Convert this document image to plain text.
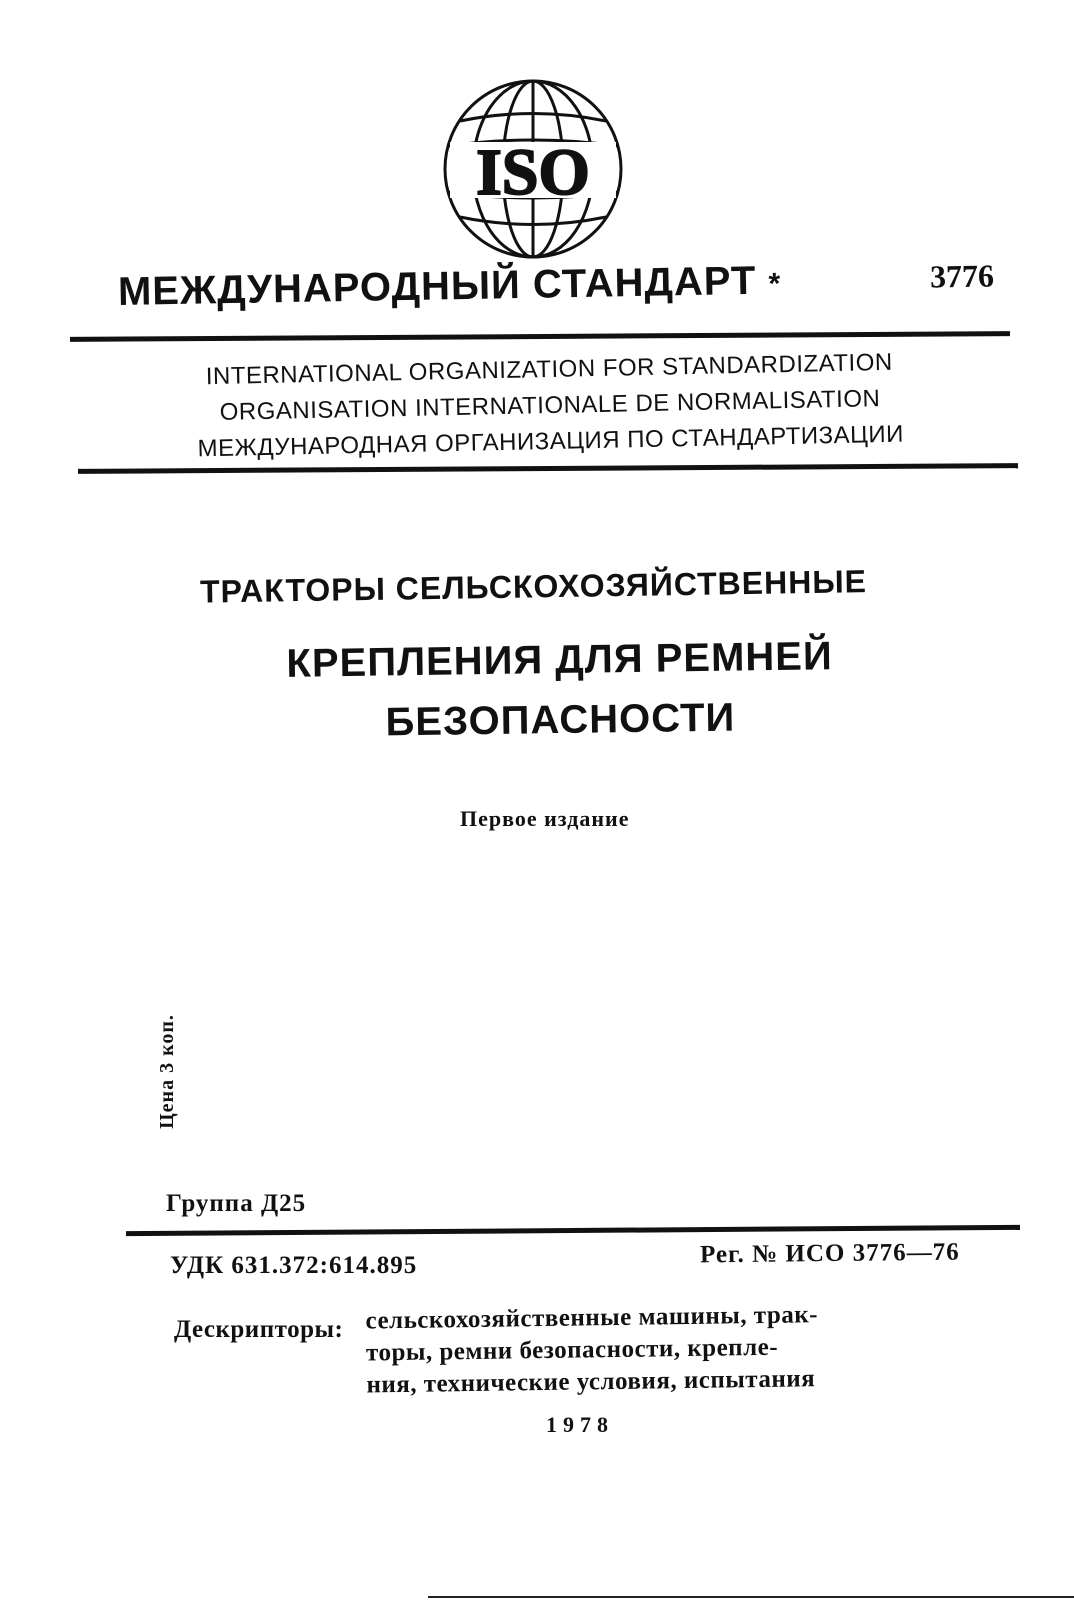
ISO
МЕЖДУНАРОДНЫЙ СТАНДАРТ *	3776
INTERNATIONAL ORGANIZATION FOR STANDARDIZATION
ORGANISATION INTERNATIONALE DE NORMALISATION
МЕЖДУНАРОДНАЯ ОРГАНИЗАЦИЯ ПО СТАНДАРТИЗАЦИИ
ТРАКТОРЫ СЕЛЬСКОХОЗЯЙСТВЕННЫЕ
КРЕПЛЕНИЯ ДЛЯ РЕМНЕЙ
БЕЗОПАСНОСТИ
Первое издание
Цена 3 коп.
Группа Д25
УДК 631.372:614.895	Рег. № ИСО 3776—76
Дескрипторы: сельскохозяйственные машины, трак-
торы, ремни безопасности, крепле-
ния, технические условия, испытания
1978
